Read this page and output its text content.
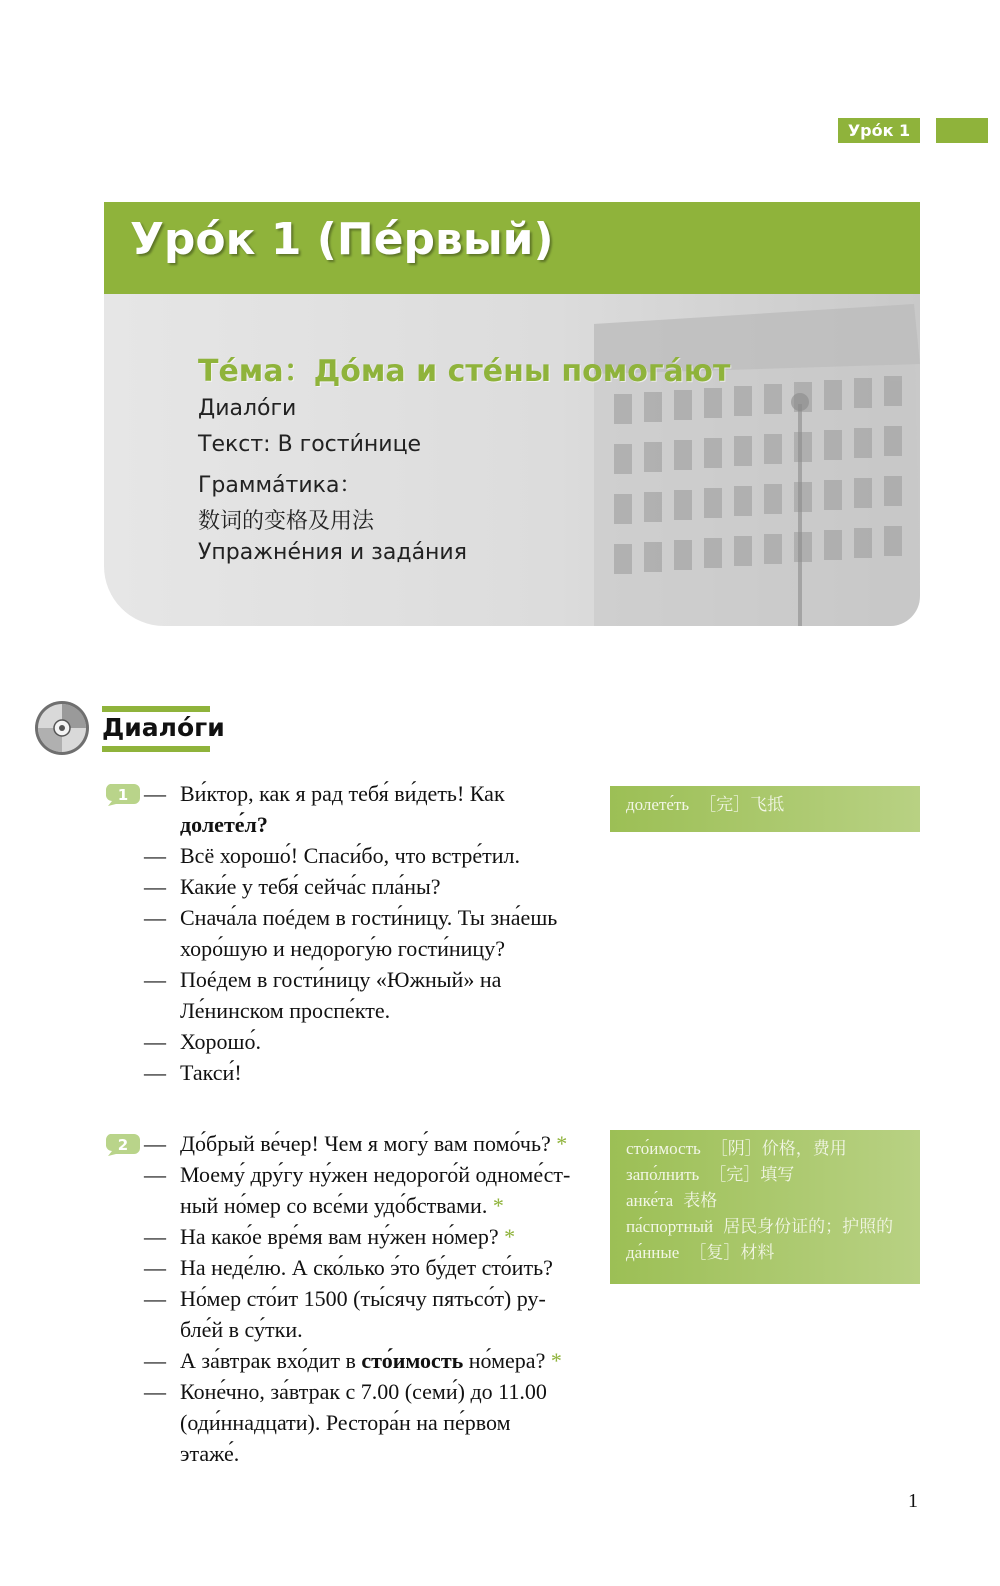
Уро́к 1
Уро́к 1 (Пе́рвый)
Те́ма：До́ма и сте́ны помога́ют
Диало́ги
Текст: В гости́нице
Грамма́тика：
数词的变格及用法
Упражне́ния и зада́ния
Диало́ги
1 — Ви́ктор, как я рад тебя́ ви́деть! Как
долете́л?
— Всё хорошо́! Спаси́бо, что встре́тил.
— Каки́е у тебя́ сейча́с пла́ны?
— Снача́ла поéдем в гости́ницу. Ты зна́ешь
хоро́шую и недорогу́ю гости́ницу?
— Поéдем в гости́ницу «Южный» на
Ле́нинском проспе́кте.
— Хорошо́.
— Такси́!
долете́ть ［完］飞抵
2 — До́брый ве́чер! Чем я могу́ вам помо́чь? *
— Моему́ дру́гу ну́жен недорого́й одноме́ст-
ный но́мер со все́ми удо́бствами. *
— На како́е вре́мя вам ну́жен но́мер? *
— На неде́лю. А ско́лько э́то бу́дет сто́ить?
— Но́мер сто́ит 1500 (ты́сячу пятьсо́т) ру-
бле́й в су́тки.
— А за́втрак вхо́дит в сто́имость но́мера? *
— Коне́чно, за́втрак с 7.00 (семи́) до 11.00
(оди́ннадцати). Рестора́н на пе́рвом
этаже́.
сто́имость ［阴］价格，费用
запо́лнить ［完］填写
анке́та 表格
па́спортный 居民身份证的；护照的
да́нные ［复］材料
1
